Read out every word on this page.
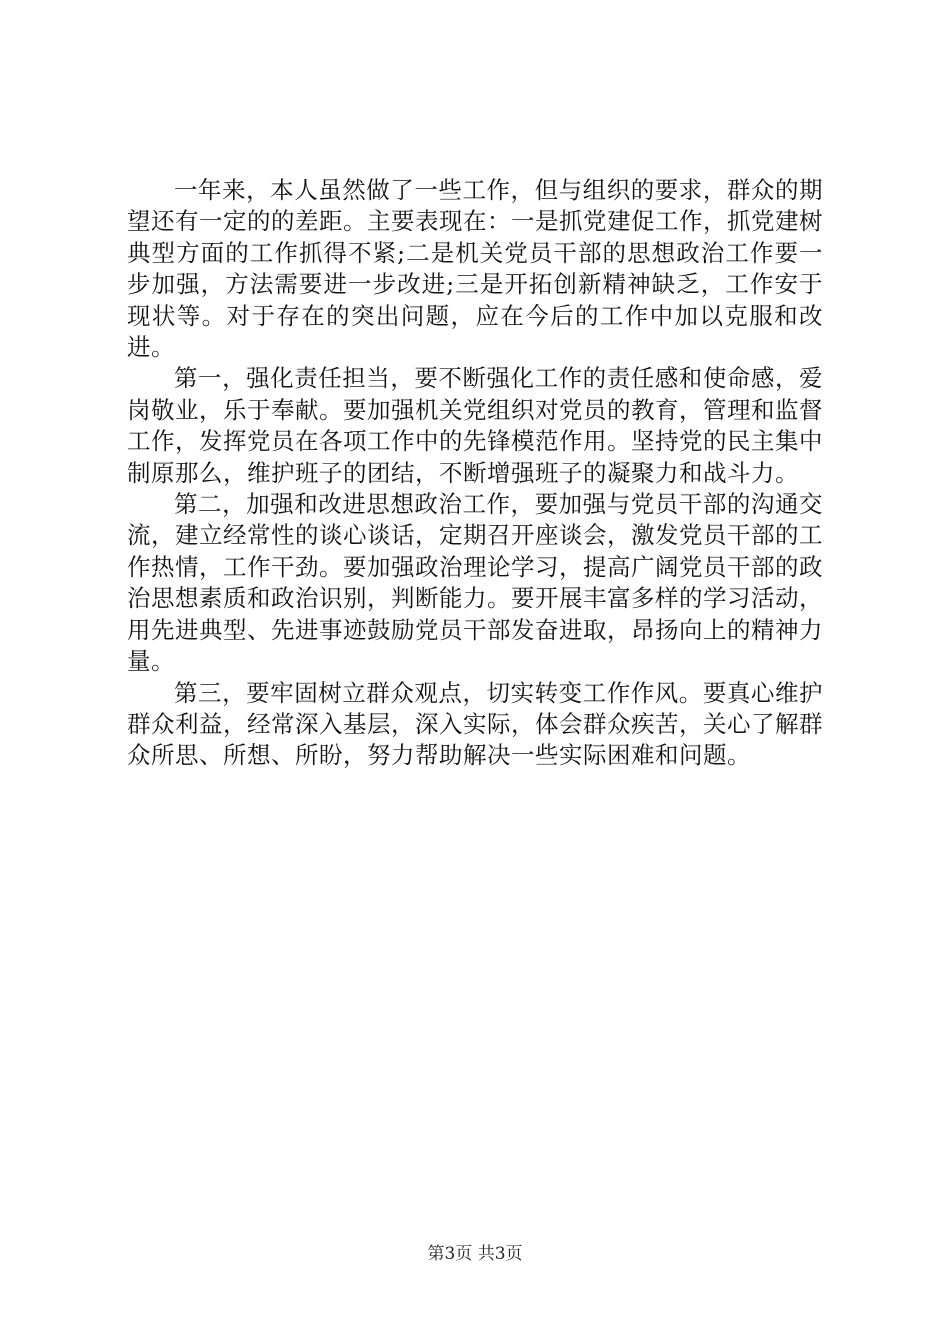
一年来，本人虽然做了一些工作，但与组织的要求，群众的期望还有一定的的差距。主要表现在：一是抓党建促工作，抓党建树典型方面的工作抓得不紧;二是机关党员干部的思想政治工作要一步加强，方法需要进一步改进;三是开拓创新精神缺乏，工作安于现状等。对于存在的突出问题，应在今后的工作中加以克服和改进。

第一，强化责任担当，要不断强化工作的责任感和使命感，爱岗敬业，乐于奉献。要加强机关党组织对党员的教育，管理和监督工作，发挥党员在各项工作中的先锋模范作用。坚持党的民主集中制原那么，维护班子的团结，不断增强班子的凝聚力和战斗力。

第二，加强和改进思想政治工作，要加强与党员干部的沟通交流，建立经常性的谈心谈话，定期召开座谈会，激发党员干部的工作热情，工作干劲。要加强政治理论学习，提高广阔党员干部的政治思想素质和政治识别，判断能力。要开展丰富多样的学习活动，用先进典型、先进事迹鼓励党员干部发奋进取，昂扬向上的精神力量。

第三，要牢固树立群众观点，切实转变工作作风。要真心维护群众利益，经常深入基层，深入实际，体会群众疾苦，关心了解群众所思、所想、所盼，努力帮助解决一些实际困难和问题。

第3页 共3页
